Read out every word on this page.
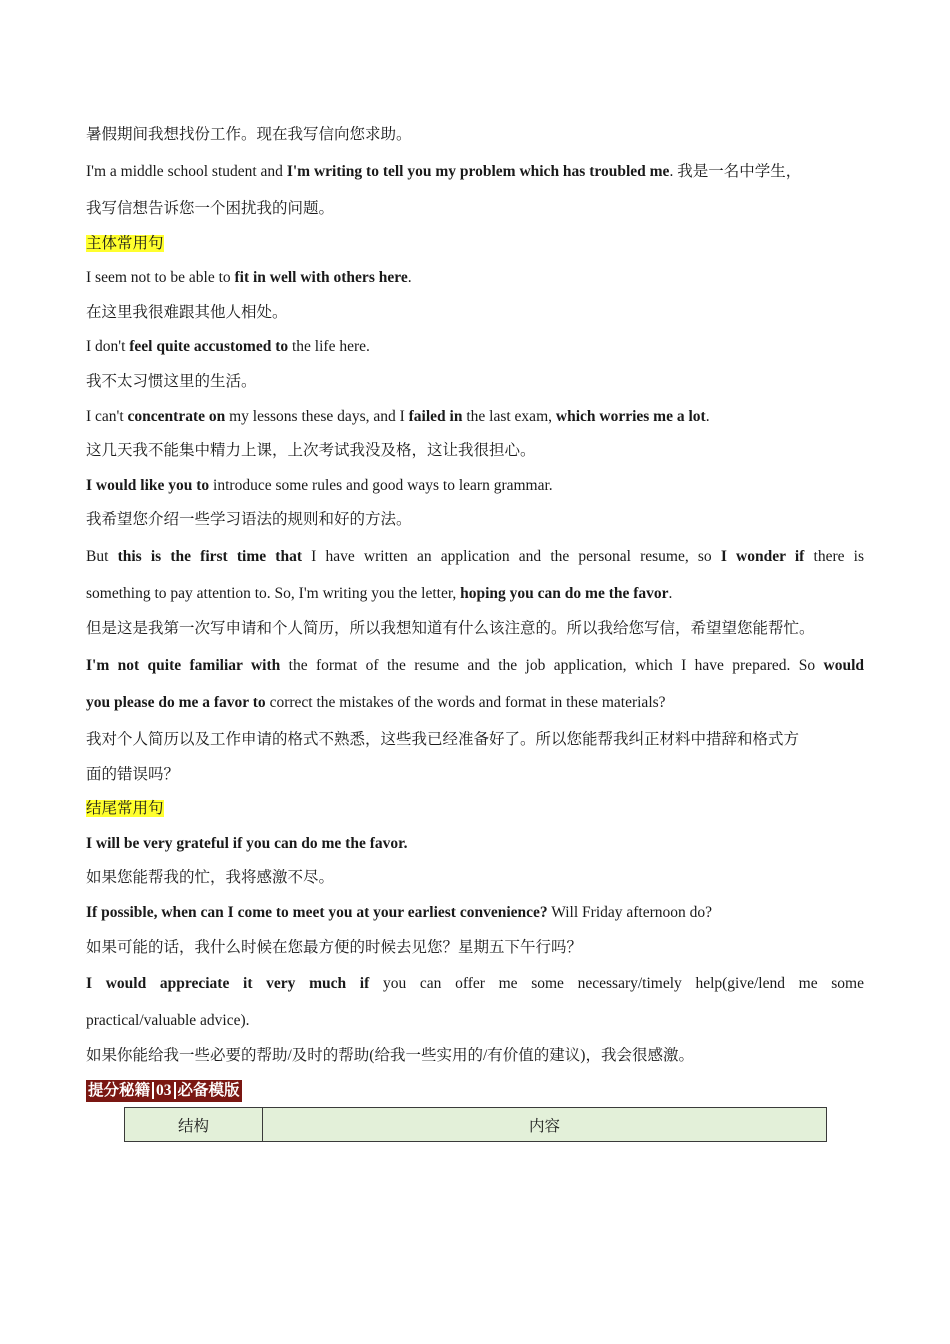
暑假期间我想找份工作。现在我写信向您求助。
I'm a middle school student and I'm writing to tell you my problem which has troubled me. 我是一名中学生，
我写信想告诉您一个困扰我的问题。
主体常用句
I seem not to be able to fit in well with others here.
在这里我很难跟其他人相处。
I don't feel quite accustomed to the life here.
我不太习惯这里的生活。
I can't concentrate on my lessons these days, and I failed in the last exam, which worries me a lot.
这几天我不能集中精力上课，上次考试我没及格，这让我很担心。
I would like you to introduce some rules and good ways to learn grammar.
我希望您介绍一些学习语法的规则和好的方法。
But this is the first time that I have written an application and the personal resume, so I wonder if there is
something to pay attention to. So, I'm writing you the letter, hoping you can do me the favor.
但是这是我第一次写申请和个人简历，所以我想知道有什么该注意的。所以我给您写信，希望望您能帮忙。
I'm not quite familiar with the format of the resume and the job application, which I have prepared. So would
you please do me a favor to correct the mistakes of the words and format in these materials?
我对个人简历以及工作申请的格式不熟悉，这些我已经准备好了。所以您能帮我纠正材料中措辞和格式方
面的错误吗？
结尾常用句
I will be very grateful if you can do me the favor.
如果您能帮我的忙，我将感激不尽。
If possible, when can I come to meet you at your earliest convenience? Will Friday afternoon do?
如果可能的话，我什么时候在您最方便的时候去见您？星期五下午行吗？
I would appreciate it very much if you can offer me some necessary/timely help(give/lend me some
practical/valuable advice).
如果你能给我一些必要的帮助/及时的帮助(给我一些实用的/有价值的建议)，我会很感激。
提分秘籍 03 必备模版
结构	内容
